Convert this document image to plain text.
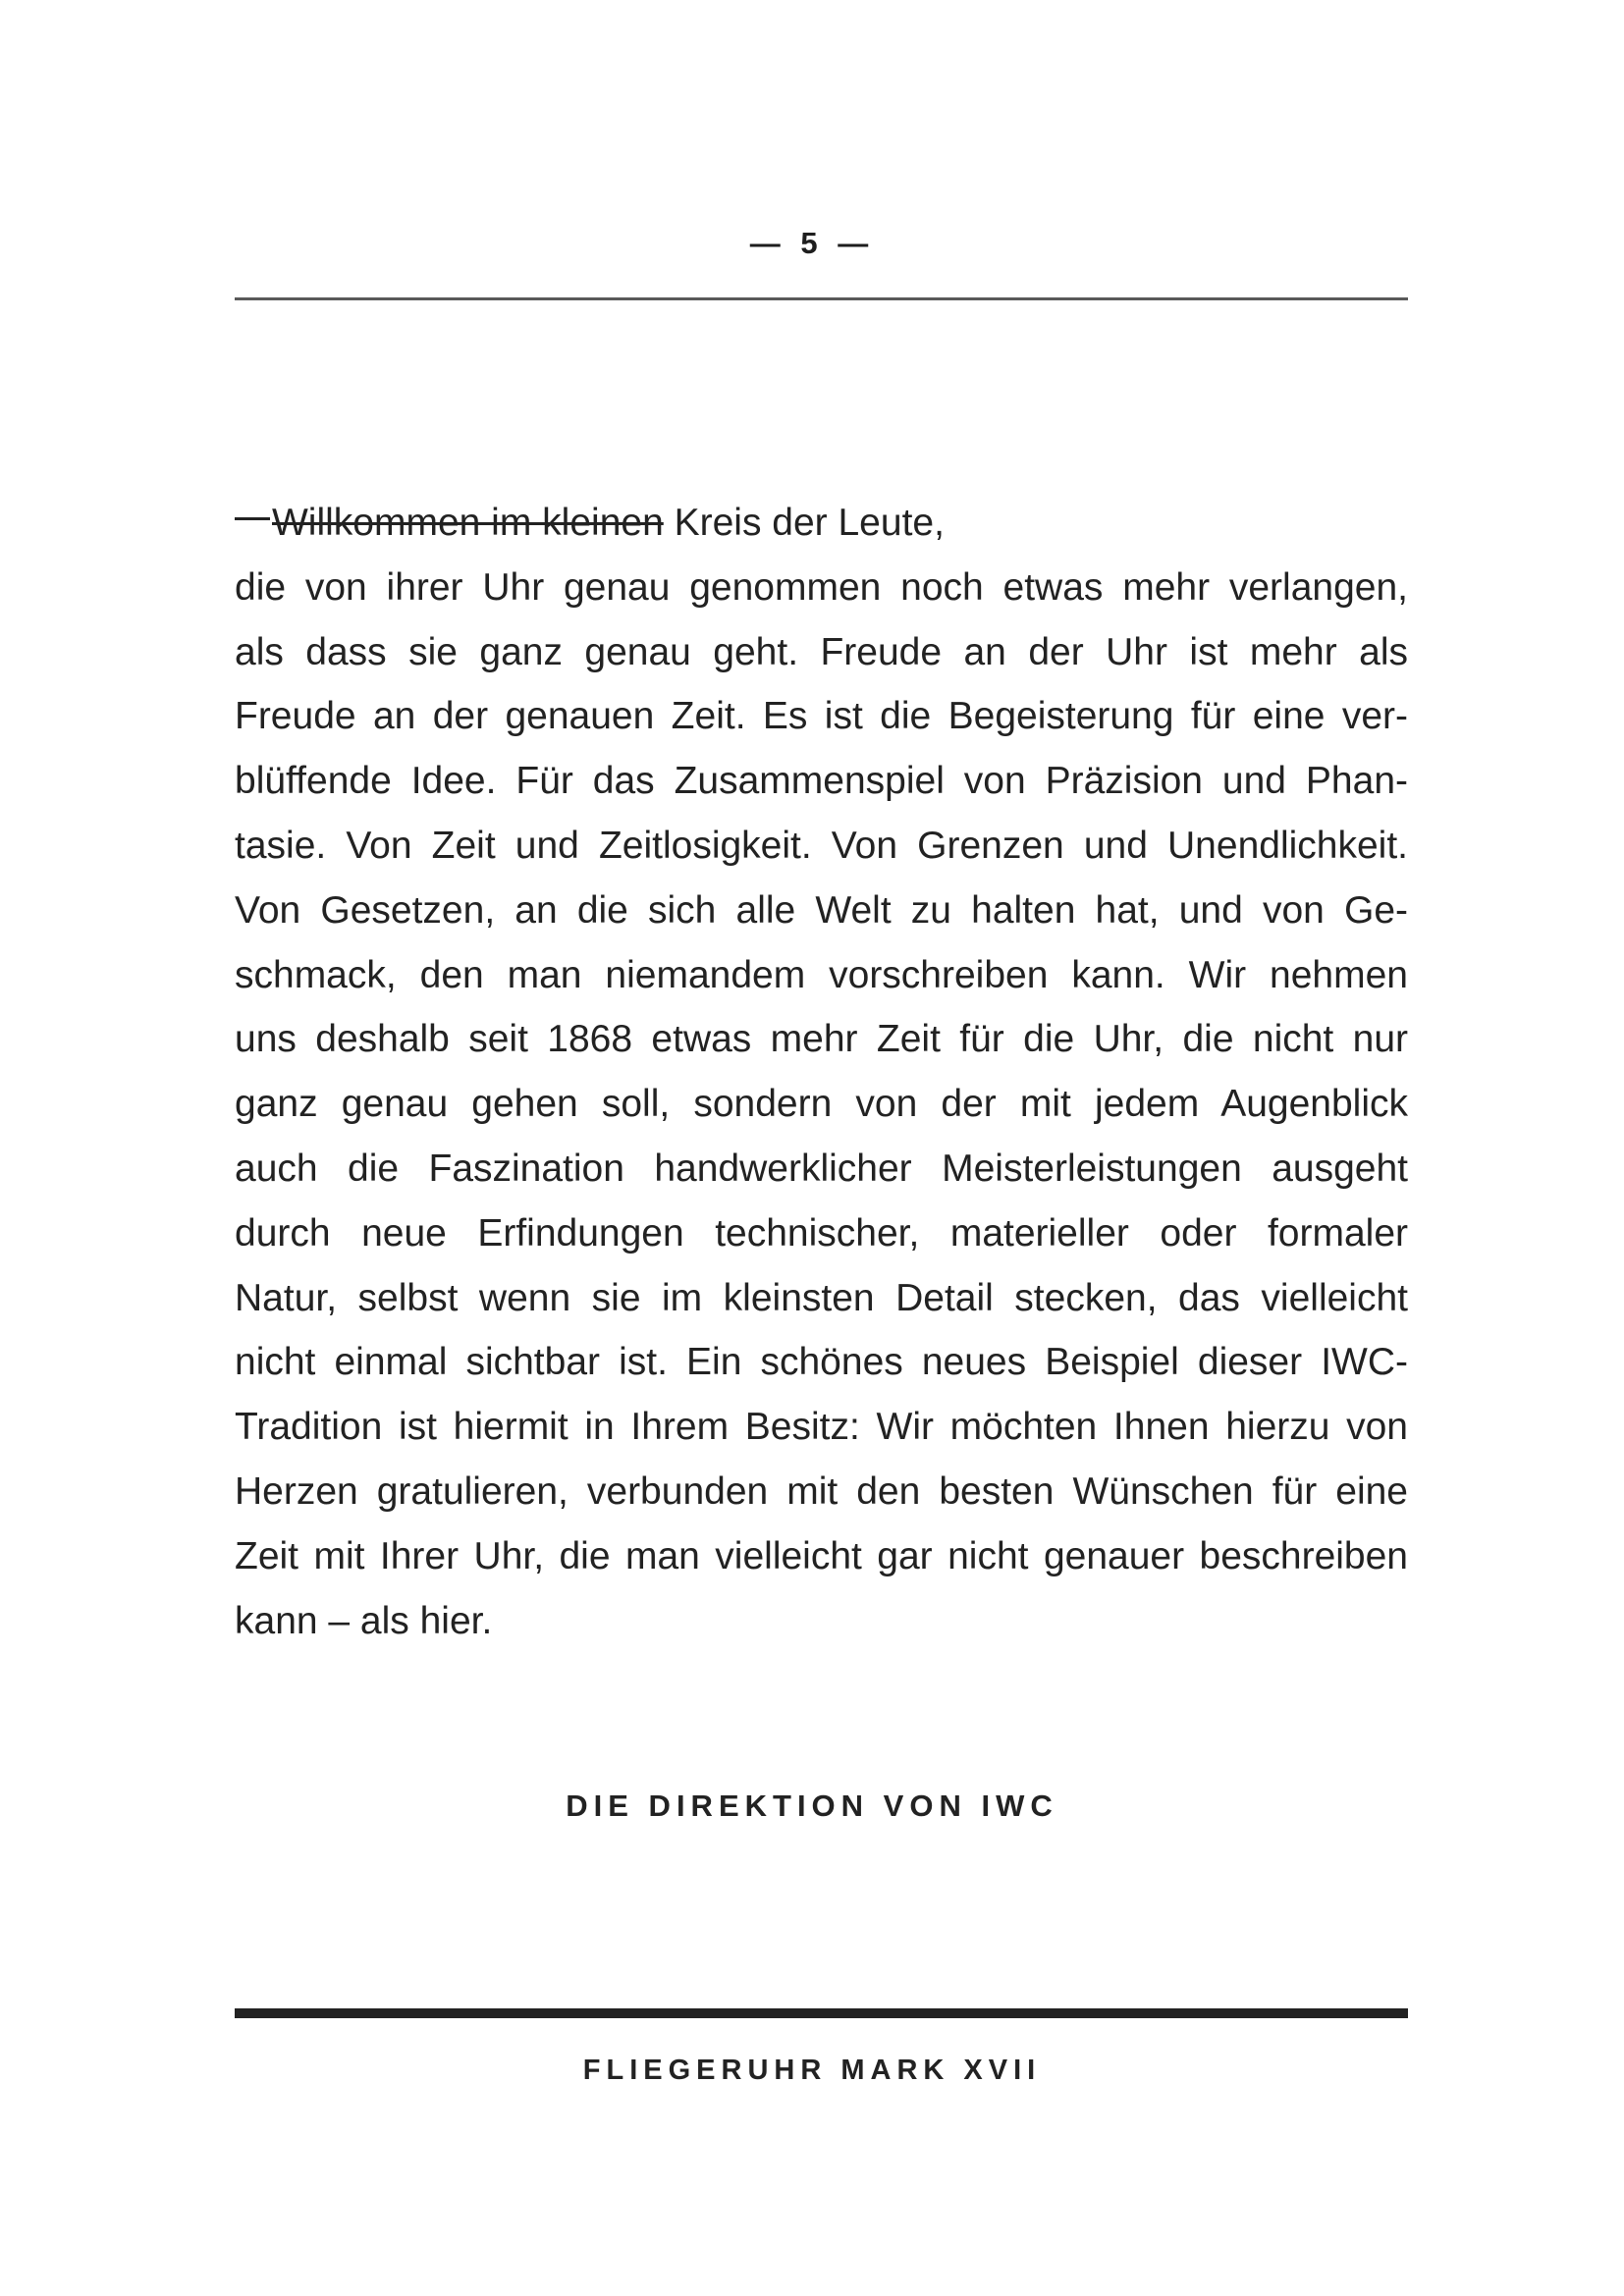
— 5 —
Willkommen im kleinen Kreis der Leute,
die von ihrer Uhr genau genommen noch etwas mehr verlangen,
als dass sie ganz genau geht. Freude an der Uhr ist mehr als
Freude an der genauen Zeit. Es ist die Begeisterung für eine ver-
blüffende Idee. Für das Zusammenspiel von Präzision und Phan-
tasie. Von Zeit und Zeitlosigkeit. Von Grenzen und Unendlichkeit.
Von Gesetzen, an die sich alle Welt zu halten hat, und von Ge-
schmack, den man niemandem vorschreiben kann. Wir nehmen
uns deshalb seit 1868 etwas mehr Zeit für die Uhr, die nicht nur
ganz genau gehen soll, sondern von der mit jedem Augenblick
auch die Faszination handwerklicher Meisterleistungen ausgeht
durch neue Erfindungen technischer, materieller oder formaler
Natur, selbst wenn sie im kleinsten Detail stecken, das vielleicht
nicht einmal sichtbar ist. Ein schönes neues Beispiel dieser IWC-
Tradition ist hiermit in Ihrem Besitz: Wir möchten Ihnen hierzu von
Herzen gratulieren, verbunden mit den besten Wünschen für eine
Zeit mit Ihrer Uhr, die man vielleicht gar nicht genauer beschreiben
kann – als hier.
DIE DIREKTION VON IWC
FLIEGERUHR MARK XVII
